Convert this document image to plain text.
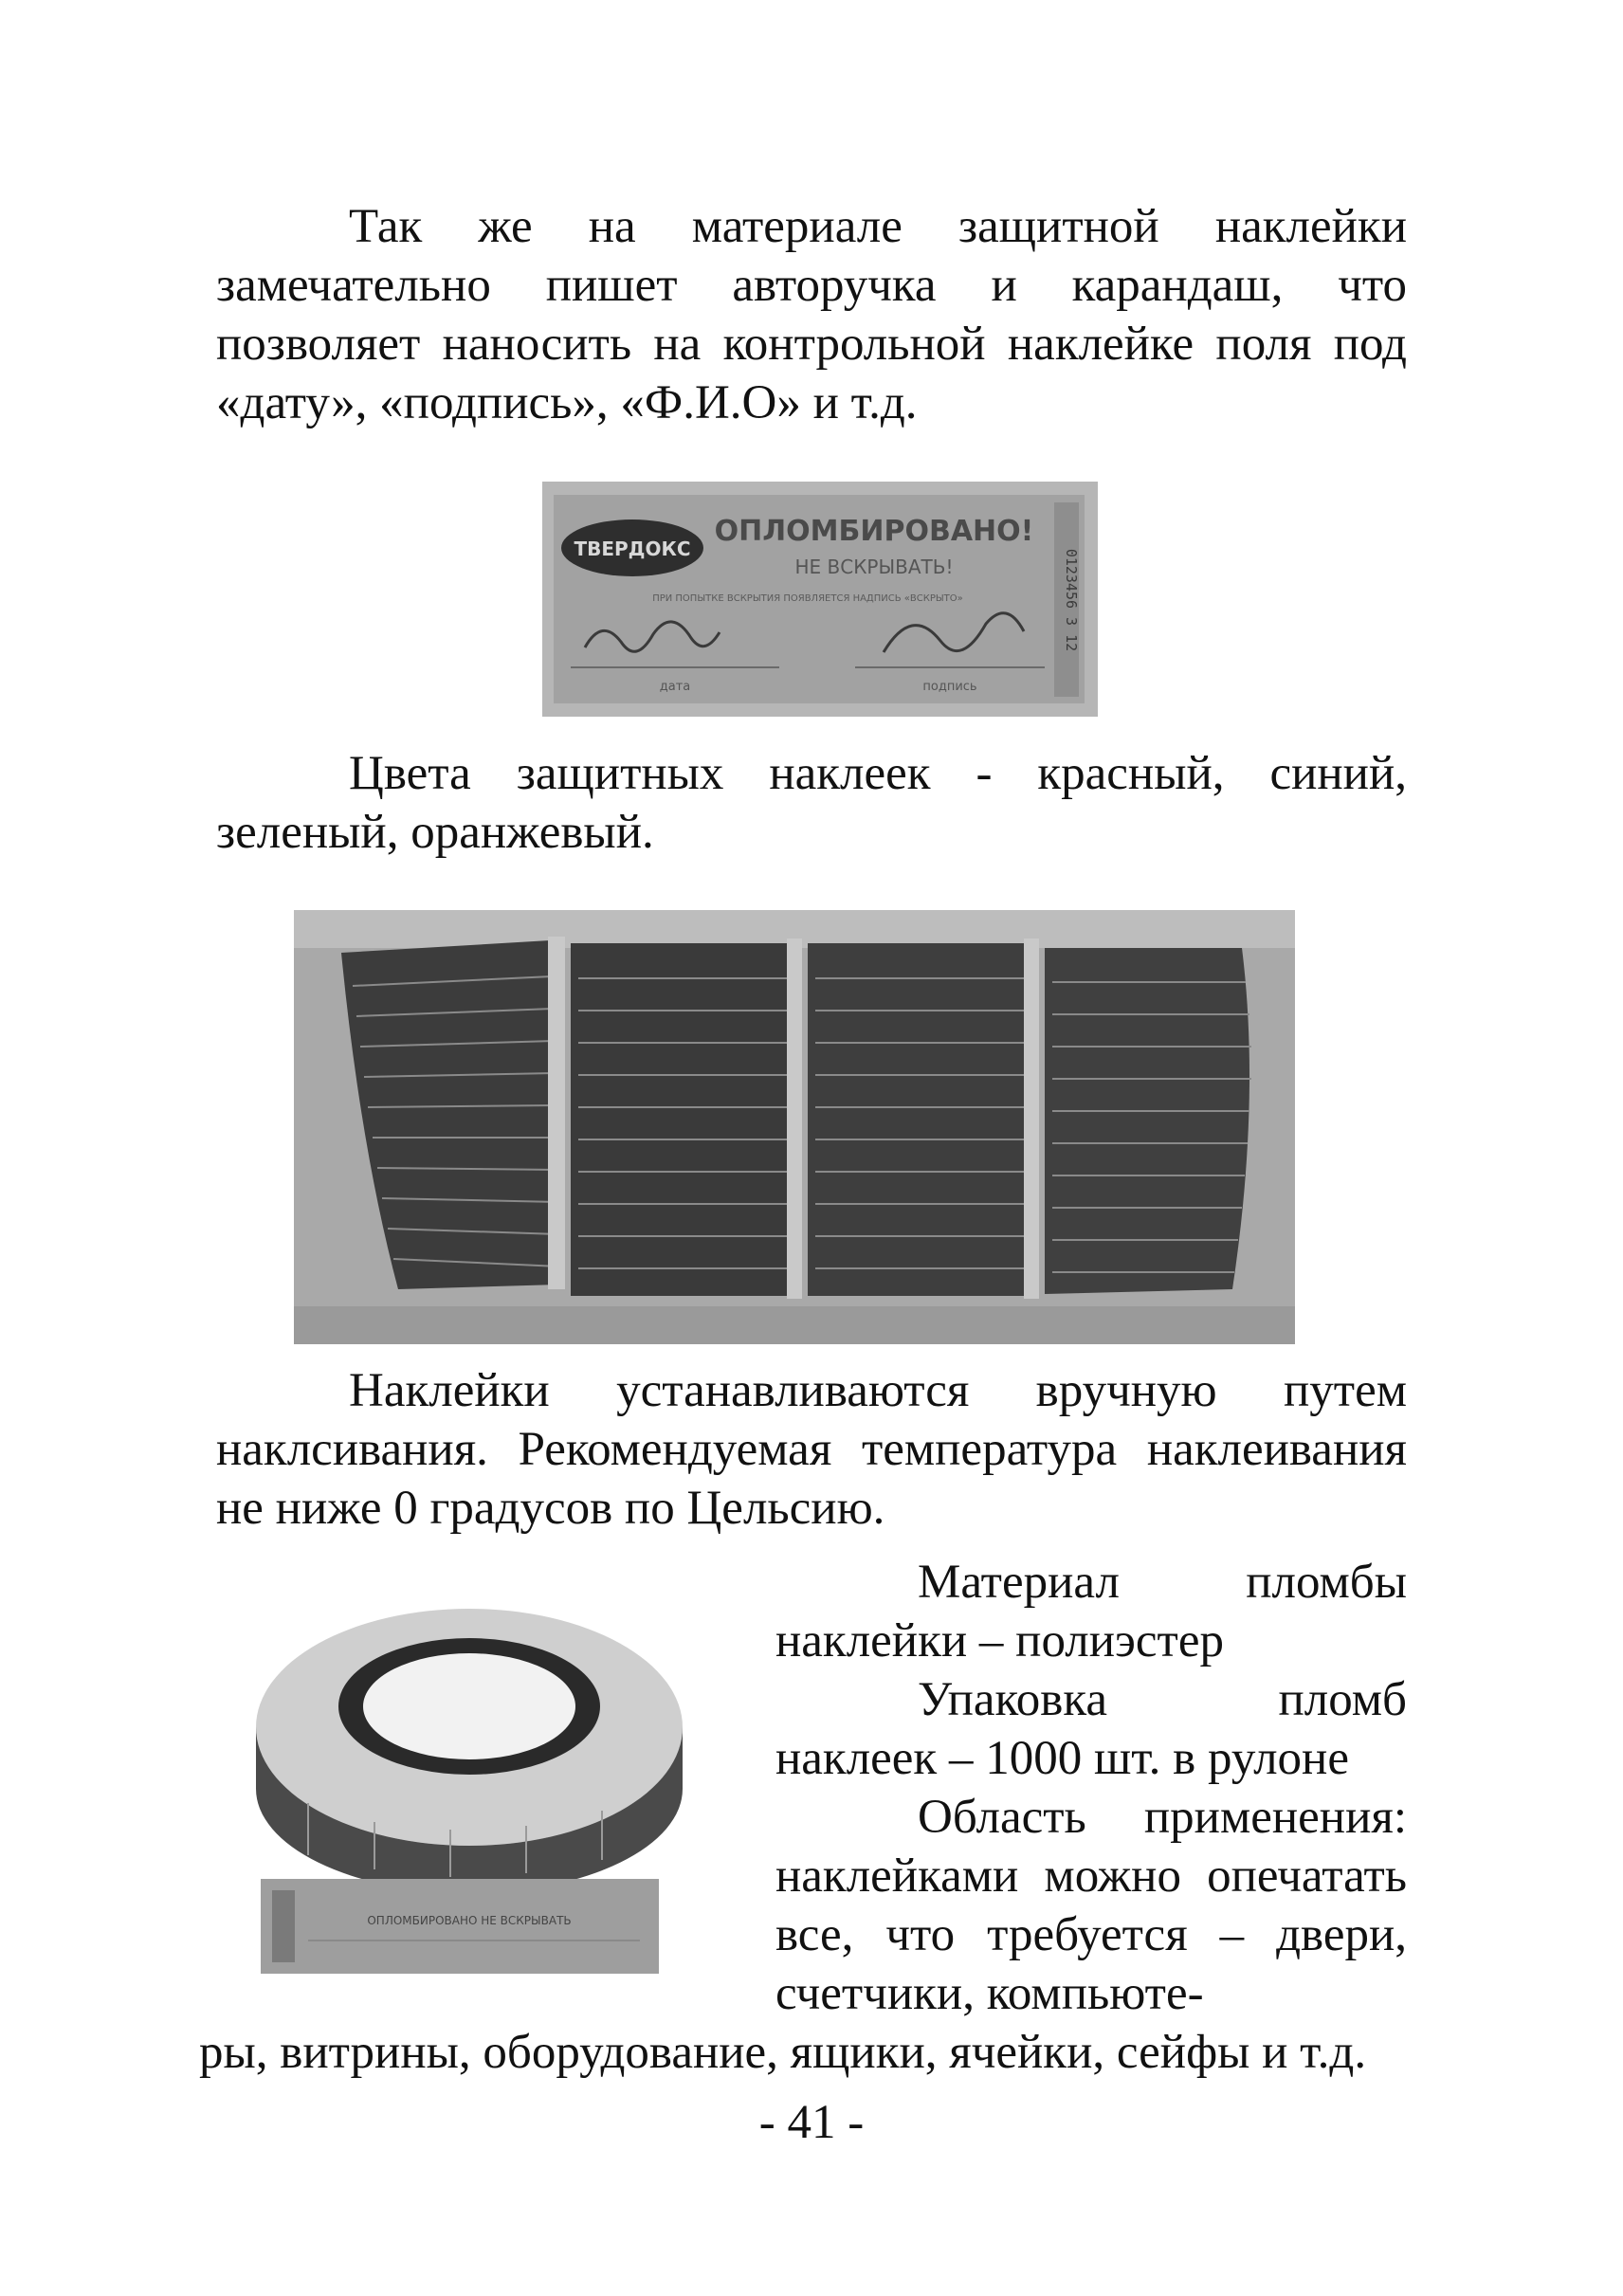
Так же на материале защитной наклейки замечательно пишет авторучка и карандаш, что позволяет наносить на контрольной наклейке поля под «дату», «подпись», «Ф.И.О» и т.д.

ТВЕРДОКС
ОПЛОМБИРОВАНО!
НЕ ВСКРЫВАТЬ!
ПРИ ПОПЫТКЕ ВСКРЫТИЯ ПОЯВЛЯЕТСЯ НАДПИСЬ «ВСКРЫТО»
дата	подпись
0123456 3 12

Цвета защитных наклеек - красный, синий, зеленый, оранжевый.

Наклейки устанавливаются вручную путем наклсивания. Рекомендуемая температура наклеивания не ниже 0 градусов по Цельсию.

ОПЛОМБИРОВАНО НЕ ВСКРЫВАТЬ

Материал пломбы наклейки – полиэстер

Упаковка пломб наклеек – 1000 шт. в рулоне

Область применения: наклейками можно опечатать все, что требуется – двери, счетчики, компьюте-

ры, витрины, оборудование, ящики, ячейки, сейфы и т.д.

- 41 -
